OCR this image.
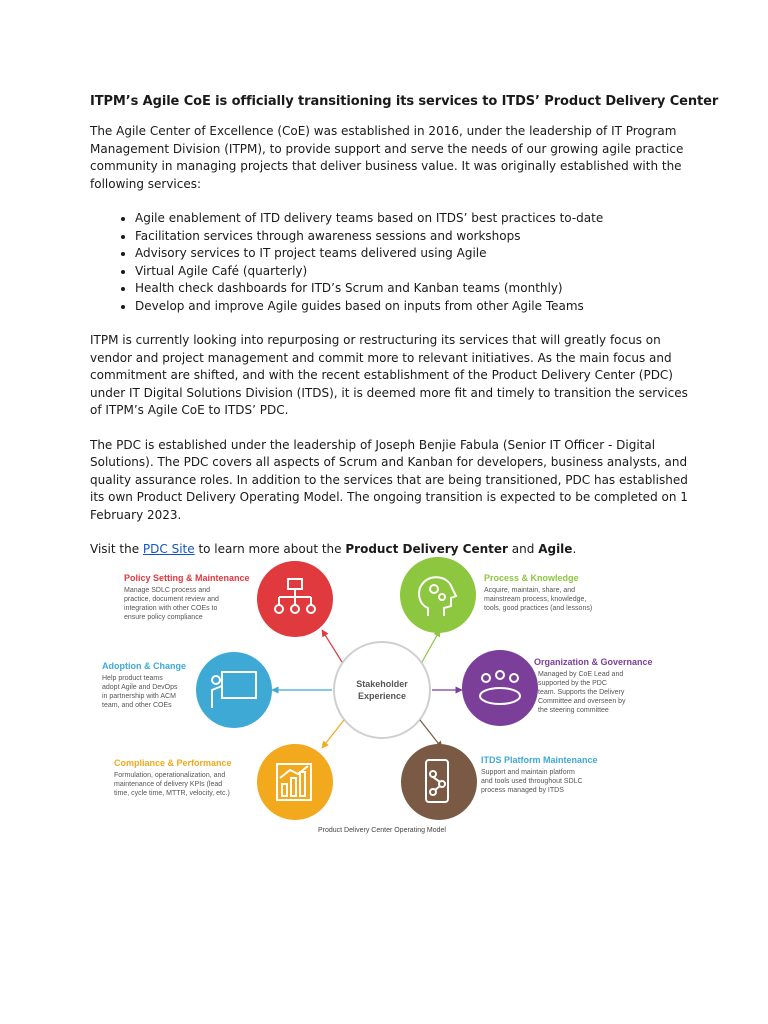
ITPM’s Agile CoE is officially transitioning its services to ITDS’ Product Delivery Center

The Agile Center of Excellence (CoE) was established in 2016, under the leadership of IT Program Management Division (ITPM), to provide support and serve the needs of our growing agile practice community in managing projects that deliver business value. It was originally established with the following services:

• Agile enablement of ITD delivery teams based on ITDS’ best practices to-date
• Facilitation services through awareness sessions and workshops
• Advisory services to IT project teams delivered using Agile
• Virtual Agile Café (quarterly)
• Health check dashboards for ITD’s Scrum and Kanban teams (monthly)
• Develop and improve Agile guides based on inputs from other Agile Teams

ITPM is currently looking into repurposing or restructuring its services that will greatly focus on vendor and project management and commit more to relevant initiatives. As the main focus and commitment are shifted, and with the recent establishment of the Product Delivery Center (PDC) under IT Digital Solutions Division (ITDS), it is deemed more fit and timely to transition the services of ITPM’s Agile CoE to ITDS’ PDC.

The PDC is established under the leadership of Joseph Benjie Fabula (Senior IT Officer - Digital Solutions). The PDC covers all aspects of Scrum and Kanban for developers, business analysts, and quality assurance roles. In addition to the services that are being transitioned, PDC has established its own Product Delivery Operating Model. The ongoing transition is expected to be completed on 1 February 2023.

Visit the PDC Site to learn more about the Product Delivery Center and Agile.

Stakeholder
Experience
Policy Setting & Maintenance
Manage SDLC process and
practice, document review and
integration with other COEs to
ensure policy compliance
Process & Knowledge
Acquire, maintain, share, and
mainstream process, knowledge,
tools, good practices (and lessons)
Adoption & Change
Help product teams
adopt Agile and DevOps
in partnership with ACM
team, and other COEs
Organization & Governance
Managed by CoE Lead and
supported by the PDC
team. Supports the Delivery
Committee and overseen by
the steering committee
Compliance & Performance
Formulation, operationalization, and
maintenance of delivery KPIs (lead
time, cycle time, MTTR, velocity, etc.)
ITDS Platform Maintenance
Support and maintain platform
and tools used throughout SDLC
process managed by ITDS
Product Delivery Center Operating Model
